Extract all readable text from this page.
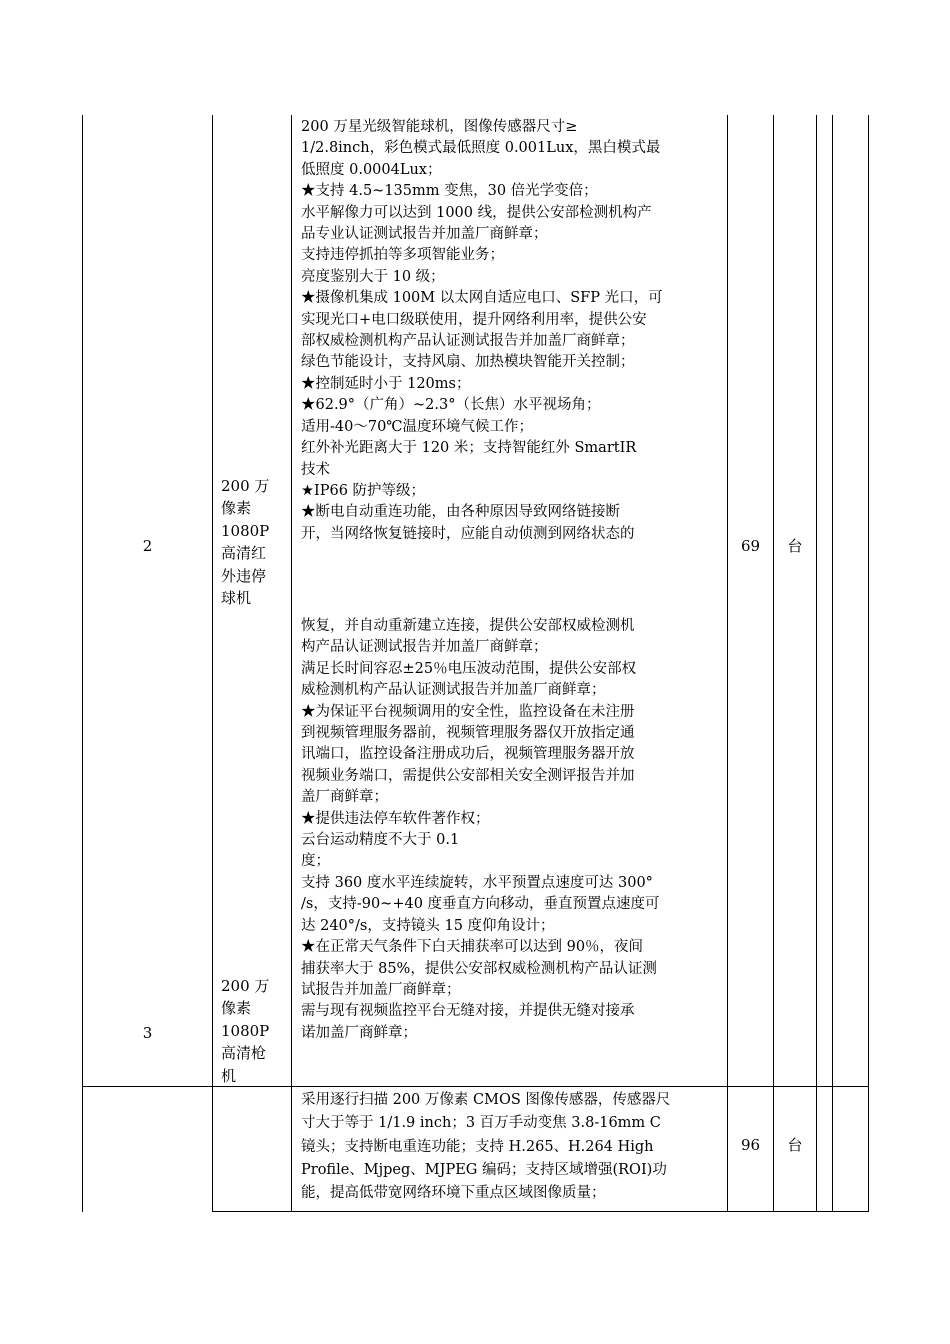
2
200 万
像素
1080P
高清红
外违停
球机
200 万星光级智能球机，图像传感器尺寸≥
1/2.8inch，彩色模式最低照度 0.001Lux，黑白模式最
低照度 0.0004Lux；
★支持 4.5~135mm 变焦，30 倍光学变倍；
水平解像力可以达到 1000 线，提供公安部检测机构产
品专业认证测试报告并加盖厂商鲜章；
支持违停抓拍等多项智能业务；
亮度鉴别大于 10 级；
★摄像机集成 100M 以太网自适应电口、SFP 光口，可
实现光口+电口级联使用，提升网络利用率，提供公安
部权威检测机构产品认证测试报告并加盖厂商鲜章；
绿色节能设计，支持风扇、加热模块智能开关控制；
★控制延时小于 120ms；
★62.9°（广角）~2.3°（长焦）水平视场角；
适用-40～70℃温度环境气候工作；
红外补光距离大于 120 米；支持智能红外 SmartIR
技术
★IP66 防护等级；
★断电自动重连功能，由各种原因导致网络链接断
开，当网络恢复链接时，应能自动侦测到网络状态的
69	台
恢复，并自动重新建立连接，提供公安部权威检测机
构产品认证测试报告并加盖厂商鲜章；
满足长时间容忍±25％电压波动范围，提供公安部权
威检测机构产品认证测试报告并加盖厂商鲜章；
★为保证平台视频调用的安全性，监控设备在未注册
到视频管理服务器前，视频管理服务器仅开放指定通
讯端口，监控设备注册成功后，视频管理服务器开放
视频业务端口，需提供公安部相关安全测评报告并加
盖厂商鲜章；
★提供违法停车软件著作权；
云台运动精度不大于 0.1
度；
支持 360 度水平连续旋转，水平预置点速度可达 300°
/s，支持-90~+40 度垂直方向移动，垂直预置点速度可
达 240°/s，支持镜头 15 度仰角设计；
★在正常天气条件下白天捕获率可以达到 90％，夜间
捕获率大于 85%，提供公安部权威检测机构产品认证测
试报告并加盖厂商鲜章；
需与现有视频监控平台无缝对接，并提供无缝对接承
诺加盖厂商鲜章；
3
200 万
像素
1080P
高清枪
机
采用逐行扫描 200 万像素 CMOS 图像传感器，传感器尺
寸大于等于 1/1.9 inch；3 百万手动变焦 3.8-16mm C
镜头；支持断电重连功能；支持 H.265、H.264 High
Profile、Mjpeg、MJPEG 编码；支持区域增强(ROI)功
能，提高低带宽网络环境下重点区域图像质量；
96	台
